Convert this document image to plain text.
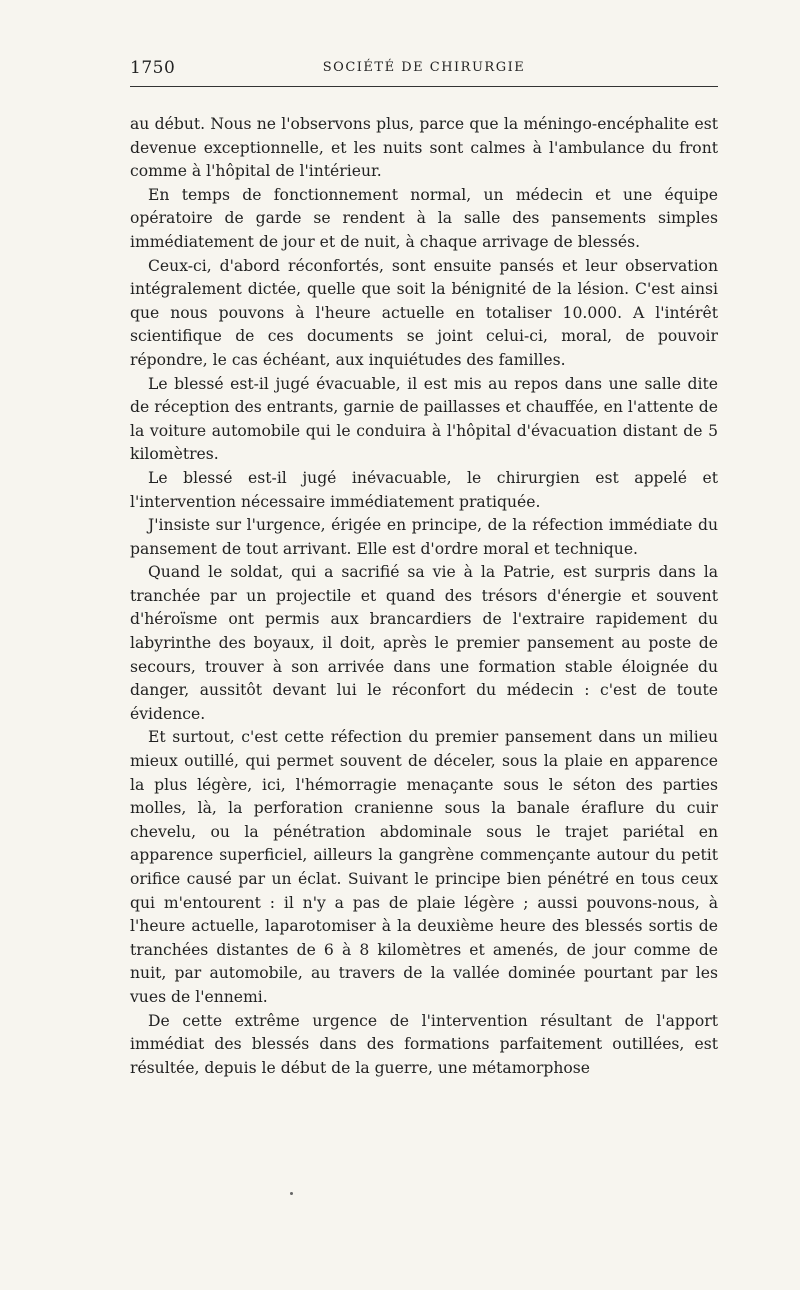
1750	SOCIÉTÉ DE CHIRURGIE

au début. Nous ne l'observons plus, parce que la méningo-encéphalite est devenue exceptionnelle, et les nuits sont calmes à l'ambulance du front comme à l'hôpital de l'intérieur.

En temps de fonctionnement normal, un médecin et une équipe opératoire de garde se rendent à la salle des pansements simples immédiatement de jour et de nuit, à chaque arrivage de blessés.

Ceux-ci, d'abord réconfortés, sont ensuite pansés et leur observation intégralement dictée, quelle que soit la bénignité de la lésion. C'est ainsi que nous pouvons à l'heure actuelle en totaliser 10.000. A l'intérêt scientifique de ces documents se joint celui-ci, moral, de pouvoir répondre, le cas échéant, aux inquiétudes des familles.

Le blessé est-il jugé évacuable, il est mis au repos dans une salle dite de réception des entrants, garnie de paillasses et chauffée, en l'attente de la voiture automobile qui le conduira à l'hôpital d'évacuation distant de 5 kilomètres.

Le blessé est-il jugé inévacuable, le chirurgien est appelé et l'intervention nécessaire immédiatement pratiquée.

J'insiste sur l'urgence, érigée en principe, de la réfection immédiate du pansement de tout arrivant. Elle est d'ordre moral et technique.

Quand le soldat, qui a sacrifié sa vie à la Patrie, est surpris dans la tranchée par un projectile et quand des trésors d'énergie et souvent d'héroïsme ont permis aux brancardiers de l'extraire rapidement du labyrinthe des boyaux, il doit, après le premier pansement au poste de secours, trouver à son arrivée dans une formation stable éloignée du danger, aussitôt devant lui le réconfort du médecin : c'est de toute évidence.

Et surtout, c'est cette réfection du premier pansement dans un milieu mieux outillé, qui permet souvent de déceler, sous la plaie en apparence la plus légère, ici, l'hémorragie menaçante sous le séton des parties molles, là, la perforation cranienne sous la banale éraflure du cuir chevelu, ou la pénétration abdominale sous le trajet pariétal en apparence superficiel, ailleurs la gangrène commençante autour du petit orifice causé par un éclat. Suivant le principe bien pénétré en tous ceux qui m'entourent : il n'y a pas de plaie légère ; aussi pouvons-nous, à l'heure actuelle, laparotomiser à la deuxième heure des blessés sortis de tranchées distantes de 6 à 8 kilomètres et amenés, de jour comme de nuit, par automobile, au travers de la vallée dominée pourtant par les vues de l'ennemi.

De cette extrême urgence de l'intervention résultant de l'apport immédiat des blessés dans des formations parfaitement outillées, est résultée, depuis le début de la guerre, une métamorphose
